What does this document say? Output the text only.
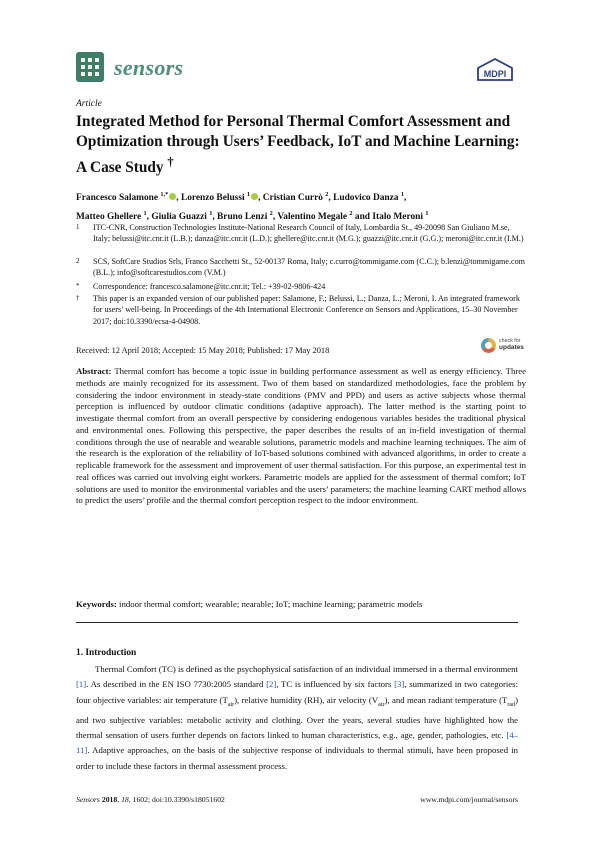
sensors	MDPI
Article
Integrated Method for Personal Thermal Comfort Assessment and Optimization through Users’ Feedback, IoT and Machine Learning: A Case Study †
Francesco Salamone $^{1,*}$ , Lorenzo Belussi $^1$ , Cristian Currò $^2$, Ludovico Danza $^1$,
Matteo Ghellere $^1$, Giulia Guazzi $^1$, Bruno Lenzi $^2$, Valentino Megale $^2$ and Italo Meroni $^1$
1	ITC-CNR, Construction Technologies Institute-National Research Council of Italy, Lombardia St., 49-20098 San Giuliano M.se, Italy; belussi@itc.cnr.it (L.B.); danza@itc.cnr.it (L.D.); ghellere@itc.cnr.it (M.G.); guazzi@itc.cnr.it (G.G.); meroni@itc.cnr.it (I.M.)
2	SCS, SoftCare Studios Srls, Franco Sacchetti St., 52-00137 Roma, Italy; c.curro@tommigame.com (C.C.); b.lenzi@tommigame.com (B.L.); info@softcarestudios.com (V.M.)
*	Correspondence: francesco.salamone@itc.cnr.it; Tel.: +39-02-9806-424
†	This paper is an expanded version of our published paper: Salamone, F.; Belussi, L.; Danza, L.; Meroni, I. An integrated framework for users’ well-being. In Proceedings of the 4th International Electronic Conference on Sensors and Applications, 15–30 November 2017; doi:10.3390/ecsa-4-04908.
Received: 12 April 2018; Accepted: 15 May 2018; Published: 17 May 2018
check for
updates
Abstract: Thermal comfort has become a topic issue in building performance assessment as well as energy efficiency. Three methods are mainly recognized for its assessment. Two of them based on standardized methodologies, face the problem by considering the indoor environment in steady-state conditions (PMV and PPD) and users as active subjects whose thermal perception is influenced by outdoor climatic conditions (adaptive approach). The latter method is the starting point to investigate thermal comfort from an overall perspective by considering endogenous variables besides the traditional physical and environmental ones. Following this perspective, the paper describes the results of an in-field investigation of thermal conditions through the use of nearable and wearable solutions, parametric models and machine learning techniques. The aim of the research is the exploration of the reliability of IoT-based solutions combined with advanced algorithms, in order to create a replicable framework for the assessment and improvement of user thermal satisfaction. For this purpose, an experimental test in real offices was carried out involving eight workers. Parametric models are applied for the assessment of thermal comfort; IoT solutions are used to monitor the environmental variables and the users’ parameters; the machine learning CART method allows to predict the users’ profile and the thermal comfort perception respect to the indoor environment.
Keywords: indoor thermal comfort; wearable; nearable; IoT; machine learning; parametric models
1. Introduction

Thermal Comfort (TC) is defined as the psychophysical satisfaction of an individual immersed in a thermal environment [1]. As described in the EN ISO 7730:2005 standard [2], TC is influenced by six factors [3], summarized in two categories: four objective variables: air temperature $(T_{air})$, relative humidity (RH), air velocity $(V_{air})$, and mean radiant temperature $(T_{rad})$ and two subjective variables: metabolic activity and clothing. Over the years, several studies have highlighted how the thermal sensation of users further depends on factors linked to human characteristics, e.g., age, gender, pathologies, etc. [4–11]. Adaptive approaches, on the basis of the subjective response of individuals to thermal stimuli, have been proposed in order to include these factors in thermal assessment process.

Sensors 2018, 18, 1602; doi:10.3390/s18051602	www.mdpi.com/journal/sensors
